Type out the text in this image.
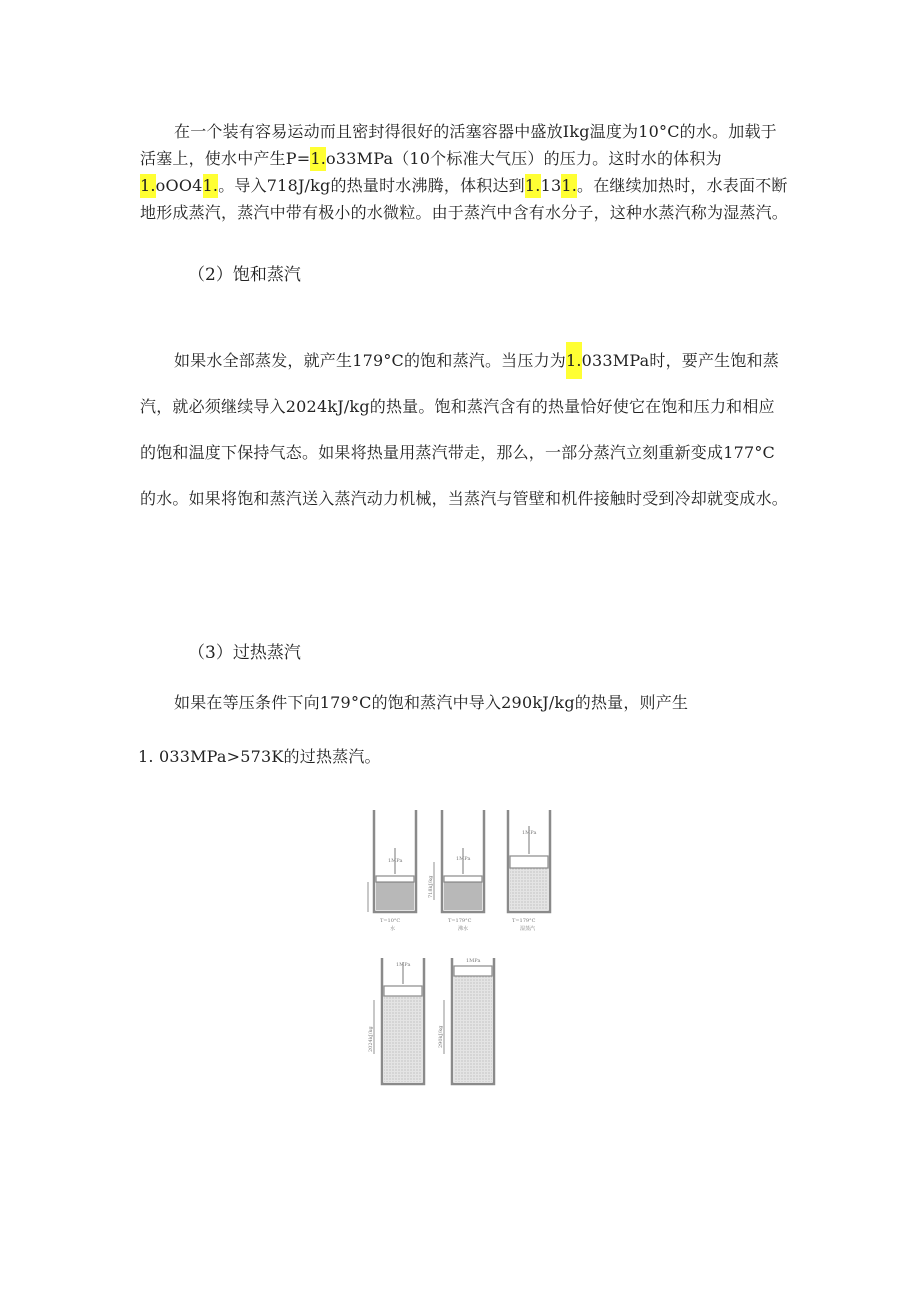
在一个装有容易运动而且密封得很好的活塞容器中盛放Ikg温度为10°C的水。加载于活塞上，使水中产生P=1.o33MPa（10个标准大气压）的压力。这时水的体积为
1.oOO41.。导入718J/kg的热量时水沸腾，体积达到1.131.。在继续加热时，水表面不断地形成蒸汽，蒸汽中带有极小的水微粒。由于蒸汽中含有水分子，这种水蒸汽称为湿蒸汽。

（2）饱和蒸汽

如果水全部蒸发，就产生179°C的饱和蒸汽。当压力为1.033MPa时，要产生饱和蒸汽，就必须继续导入2024kJ/kg的热量。饱和蒸汽含有的热量恰好使它在饱和压力和相应的饱和温度下保持气态。如果将热量用蒸汽带走，那么，一部分蒸汽立刻重新变成177°C的水。如果将饱和蒸汽送入蒸汽动力机械，当蒸汽与管壁和机件接触时受到冷却就变成水。

（3）过热蒸汽

如果在等压条件下向179°C的饱和蒸汽中导入290kJ/kg的热量，则产生

1. 033MPa>573K的过热蒸汽。

1MPa
T=10°C
水
1MPa
718kJ/kg
T=179°C
沸水
1MPa
T=179°C
湿蒸汽
1MPa
2024kJ/kg
1MPa
290kJ/kg
